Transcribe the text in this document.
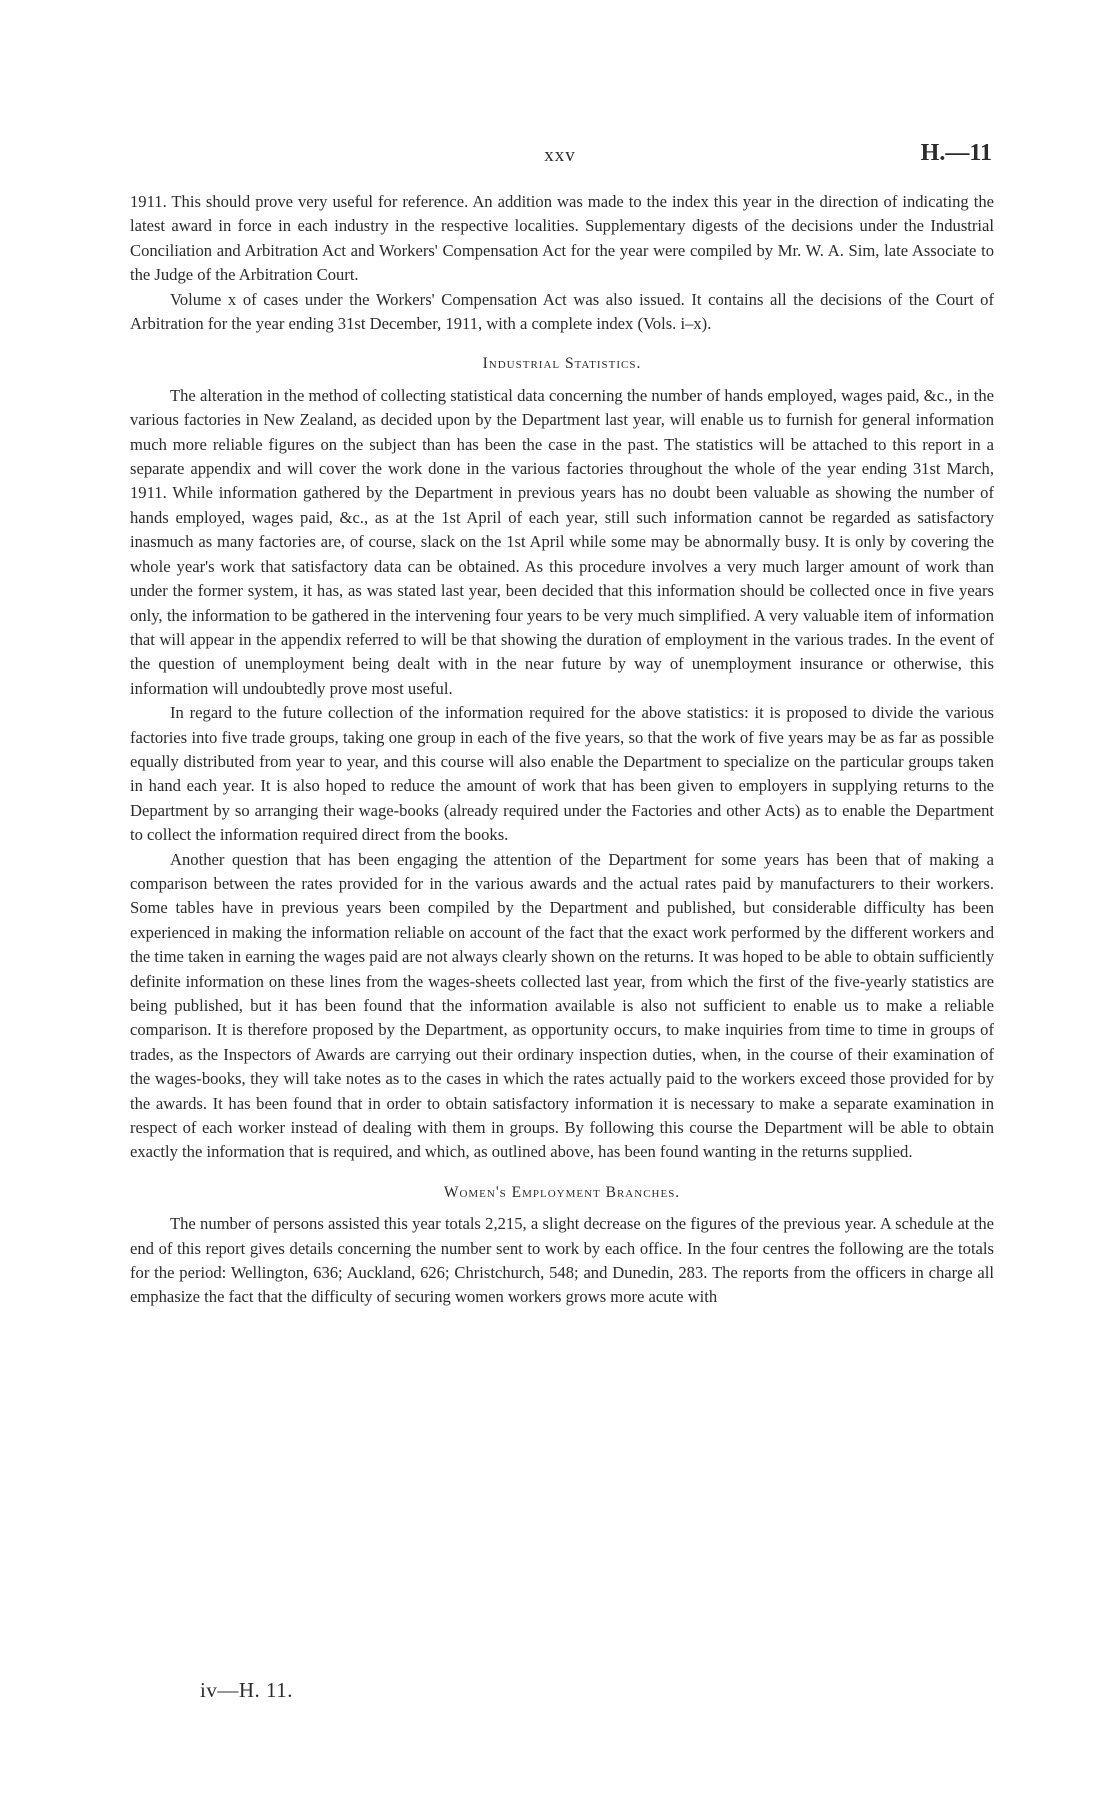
xxv	H.—11

1911. This should prove very useful for reference. An addition was made to the index this year in the direction of indicating the latest award in force in each industry in the respective localities. Supplementary digests of the decisions under the Industrial Conciliation and Arbitration Act and Workers' Compensation Act for the year were compiled by Mr. W. A. Sim, late Associate to the Judge of the Arbitration Court.

Volume x of cases under the Workers' Compensation Act was also issued. It contains all the decisions of the Court of Arbitration for the year ending 31st December, 1911, with a complete index (Vols. i–x).

Industrial Statistics.

The alteration in the method of collecting statistical data concerning the number of hands employed, wages paid, &c., in the various factories in New Zealand, as decided upon by the Department last year, will enable us to furnish for general information much more reliable figures on the subject than has been the case in the past. The statistics will be attached to this report in a separate appendix and will cover the work done in the various factories throughout the whole of the year ending 31st March, 1911. While information gathered by the Department in previous years has no doubt been valuable as showing the number of hands employed, wages paid, &c., as at the 1st April of each year, still such information cannot be regarded as satisfactory inasmuch as many factories are, of course, slack on the 1st April while some may be abnormally busy. It is only by covering the whole year's work that satisfactory data can be obtained. As this procedure involves a very much larger amount of work than under the former system, it has, as was stated last year, been decided that this information should be collected once in five years only, the information to be gathered in the intervening four years to be very much simplified. A very valuable item of information that will appear in the appendix referred to will be that showing the duration of employment in the various trades. In the event of the question of unemployment being dealt with in the near future by way of unemployment insurance or otherwise, this information will undoubtedly prove most useful.

In regard to the future collection of the information required for the above statistics: it is proposed to divide the various factories into five trade groups, taking one group in each of the five years, so that the work of five years may be as far as possible equally distributed from year to year, and this course will also enable the Department to specialize on the particular groups taken in hand each year. It is also hoped to reduce the amount of work that has been given to employers in supplying returns to the Department by so arranging their wage-books (already required under the Factories and other Acts) as to enable the Department to collect the information required direct from the books.

Another question that has been engaging the attention of the Department for some years has been that of making a comparison between the rates provided for in the various awards and the actual rates paid by manufacturers to their workers. Some tables have in previous years been compiled by the Department and published, but considerable difficulty has been experienced in making the information reliable on account of the fact that the exact work performed by the different workers and the time taken in earning the wages paid are not always clearly shown on the returns. It was hoped to be able to obtain sufficiently definite information on these lines from the wages-sheets collected last year, from which the first of the five-yearly statistics are being published, but it has been found that the information available is also not sufficient to enable us to make a reliable comparison. It is therefore proposed by the Department, as opportunity occurs, to make inquiries from time to time in groups of trades, as the Inspectors of Awards are carrying out their ordinary inspection duties, when, in the course of their examination of the wages-books, they will take notes as to the cases in which the rates actually paid to the workers exceed those provided for by the awards. It has been found that in order to obtain satisfactory information it is necessary to make a separate examination in respect of each worker instead of dealing with them in groups. By following this course the Department will be able to obtain exactly the information that is required, and which, as outlined above, has been found wanting in the returns supplied.

Women's Employment Branches.

The number of persons assisted this year totals 2,215, a slight decrease on the figures of the previous year. A schedule at the end of this report gives details concerning the number sent to work by each office. In the four centres the following are the totals for the period: Wellington, 636; Auckland, 626; Christchurch, 548; and Dunedin, 283. The reports from the officers in charge all emphasize the fact that the difficulty of securing women workers grows more acute with

iv—H. 11.
